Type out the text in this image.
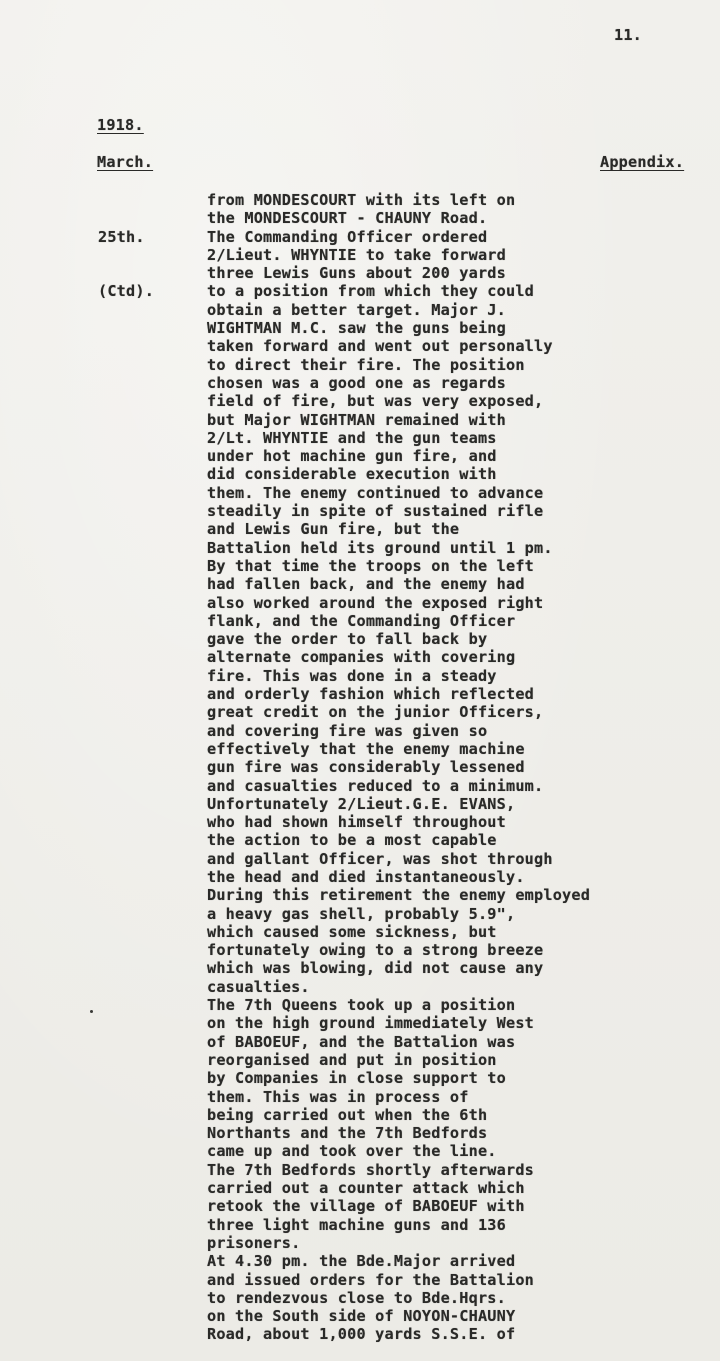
11.
1918.
March.	Appendix.

25th.

(Ctd).

from MONDESCOURT with its left on
the MONDESCOURT - CHAUNY Road.
The Commanding Officer ordered
2/Lieut. WHYNTIE to take forward
three Lewis Guns about 200 yards
to a position from which they could
obtain a better target. Major J.
WIGHTMAN M.C. saw the guns being
taken forward and went out personally
to direct their fire. The position
chosen was a good one as regards
field of fire, but was very exposed,
but Major WIGHTMAN remained with
2/Lt. WHYNTIE and the gun teams
under hot machine gun fire, and
did considerable execution with
them. The enemy continued to advance
steadily in spite of sustained rifle
and Lewis Gun fire, but the
Battalion held its ground until 1 pm.
By that time the troops on the left
had fallen back, and the enemy had
also worked around the exposed right
flank, and the Commanding Officer
gave the order to fall back by
alternate companies with covering
fire. This was done in a steady
and orderly fashion which reflected
great credit on the junior Officers,
and covering fire was given so
effectively that the enemy machine
gun fire was considerably lessened
and casualties reduced to a minimum.
Unfortunately 2/Lieut.G.E. EVANS,
who had shown himself throughout
the action to be a most capable
and gallant Officer, was shot through
the head and died instantaneously.
During this retirement the enemy employed
a heavy gas shell, probably 5.9",
which caused some sickness, but
fortunately owing to a strong breeze
which was blowing, did not cause any
casualties.
The 7th Queens took up a position
on the high ground immediately West
of BABOEUF, and the Battalion was
reorganised and put in position
by Companies in close support to
them. This was in process of
being carried out when the 6th
Northants and the 7th Bedfords
came up and took over the line.
The 7th Bedfords shortly afterwards
carried out a counter attack which
retook the village of BABOEUF with
three light machine guns and 136
prisoners.
At 4.30 pm. the Bde.Major arrived
and issued orders for the Battalion
to rendezvous close to Bde.Hqrs.
on the South side of NOYON-CHAUNY
Road, about 1,000 yards S.S.E. of
